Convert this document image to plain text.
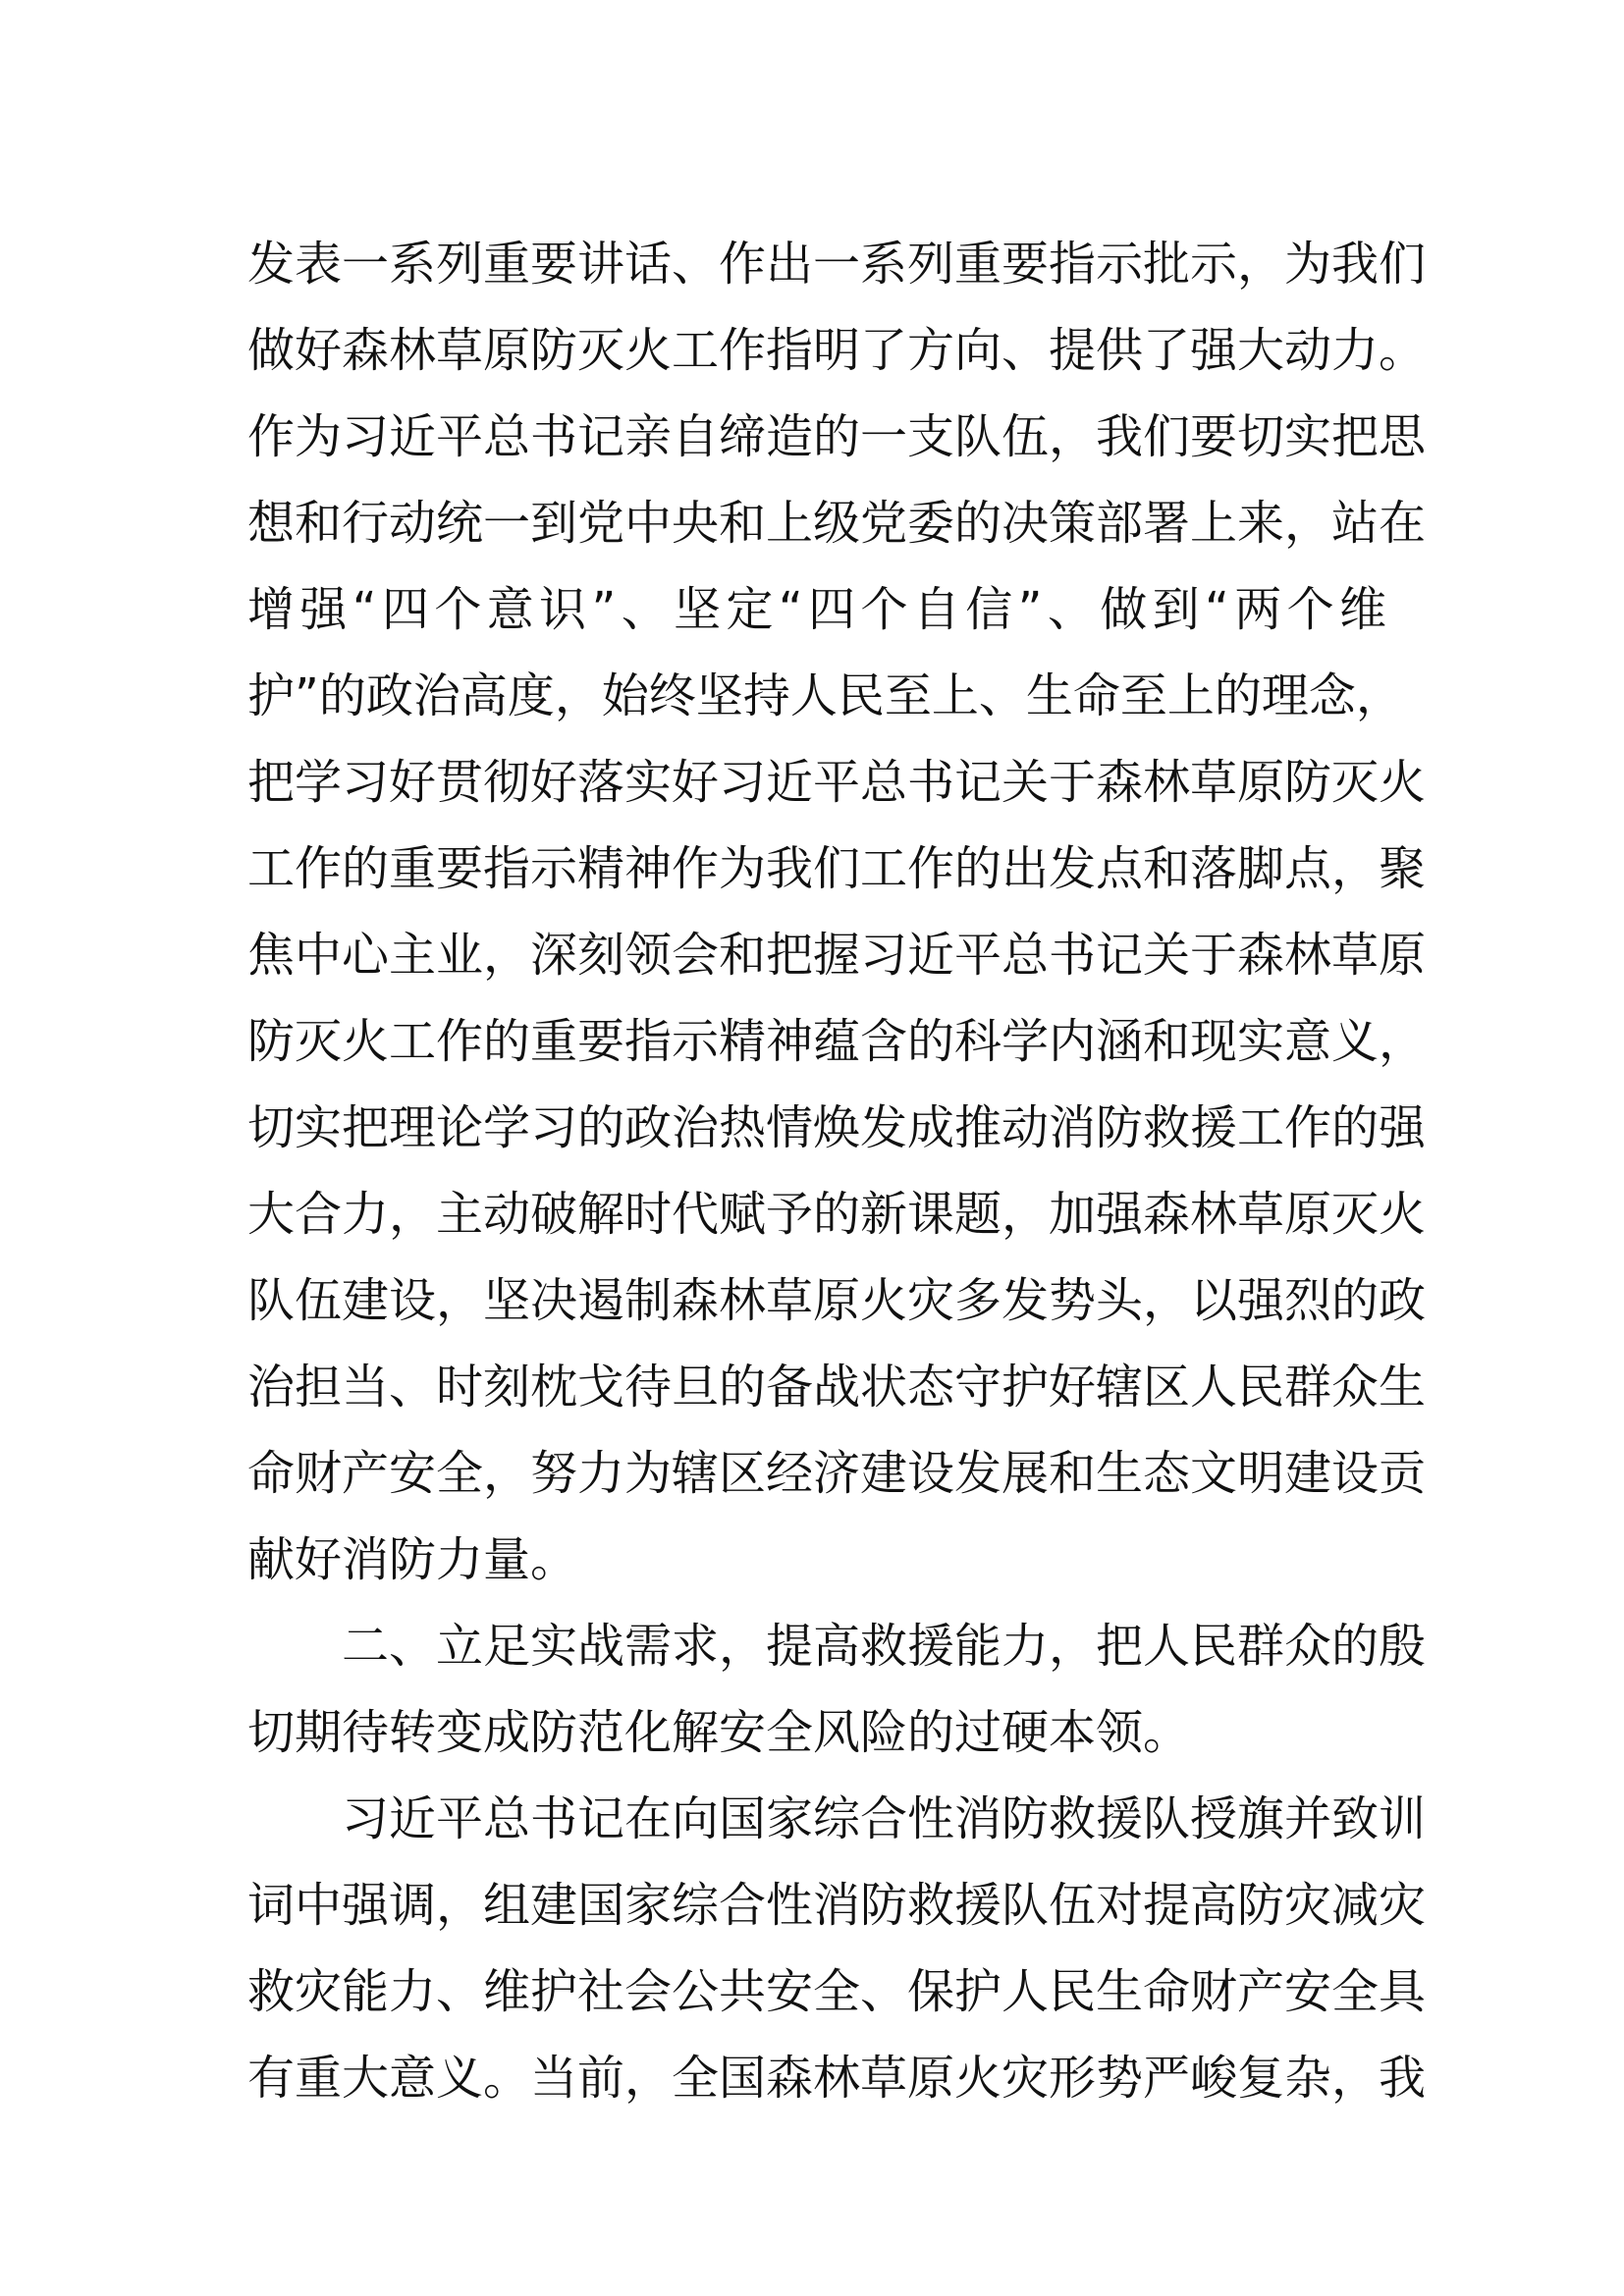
发表一系列重要讲话、作出一系列重要指示批示，为我们
做好森林草原防灭火工作指明了方向、提供了强大动力。
作为习近平总书记亲自缔造的一支队伍，我们要切实把思
想和行动统一到党中央和上级党委的决策部署上来，站在
增强“四个意识”、坚定“四个自信”、做到“两个维
护”的政治高度，始终坚持人民至上、生命至上的理念，
把学习好贯彻好落实好习近平总书记关于森林草原防灭火
工作的重要指示精神作为我们工作的出发点和落脚点，聚
焦中心主业，深刻领会和把握习近平总书记关于森林草原
防灭火工作的重要指示精神蕴含的科学内涵和现实意义，
切实把理论学习的政治热情焕发成推动消防救援工作的强
大合力，主动破解时代赋予的新课题，加强森林草原灭火
队伍建设，坚决遏制森林草原火灾多发势头，以强烈的政
治担当、时刻枕戈待旦的备战状态守护好辖区人民群众生
命财产安全，努力为辖区经济建设发展和生态文明建设贡
献好消防力量。
二、立足实战需求，提高救援能力，把人民群众的殷
切期待转变成防范化解安全风险的过硬本领。
习近平总书记在向国家综合性消防救援队授旗并致训
词中强调，组建国家综合性消防救援队伍对提高防灾减灾
救灾能力、维护社会公共安全、保护人民生命财产安全具
有重大意义。当前，全国森林草原火灾形势严峻复杂，我
